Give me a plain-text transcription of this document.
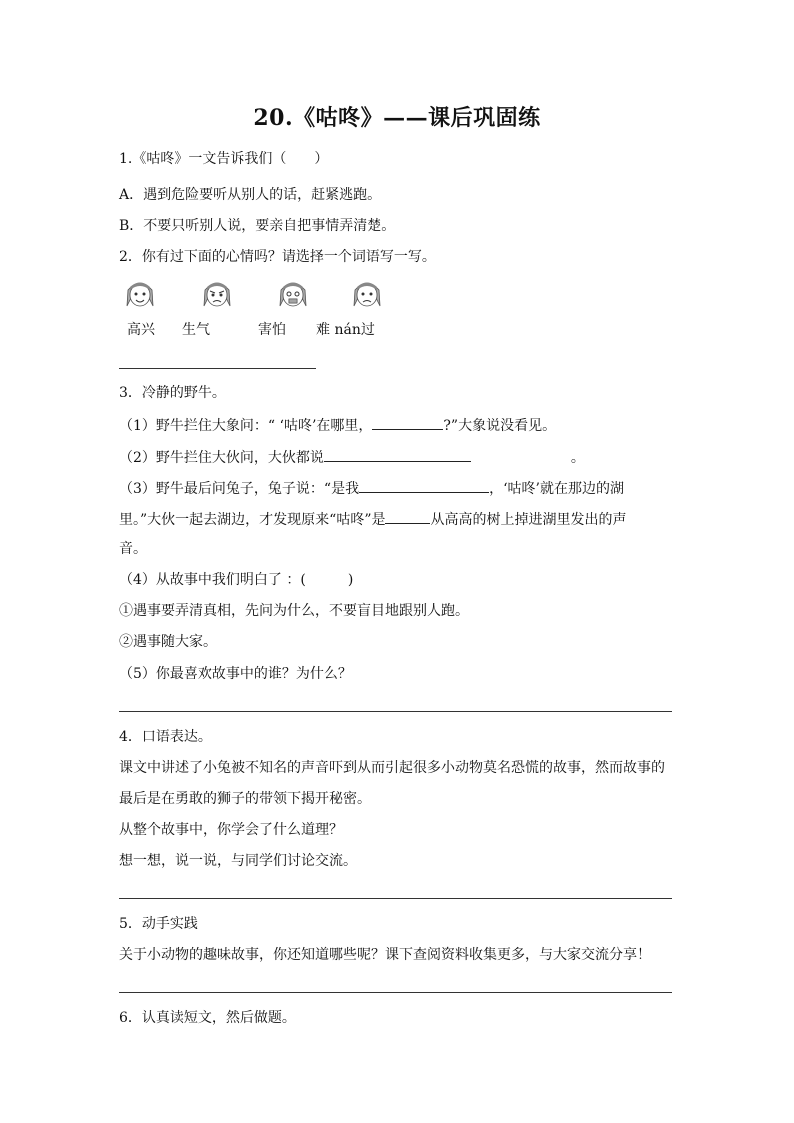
20.《咕咚》——课后巩固练
1.《咕咚》一文告诉我们（　　）
A．遇到危险要听从别人的话，赶紧逃跑。
B．不要只听别人说，要亲自把事情弄清楚。
2．你有过下面的心情吗？请选择一个词语写一写。
高兴 生气	害怕 难 nán过
3．冷静的野牛。
（1）野牛拦住大象问：“ ‘咕咚’在哪里，	?”大象说没看见。
（2）野牛拦住大伙问，大伙都说	。
（3）野牛最后问兔子，兔子说：“是我	，‘咕咚’就在那边的湖
里。”大伙一起去湖边，才发现原来“咕咚”是	从高高的树上掉进湖里发出的声
音。
（4）从故事中我们明白了 ：(　　　)
①遇事要弄清真相，先问为什么，不要盲目地跟别人跑。
②遇事随大家。
（5）你最喜欢故事中的谁？为什么？
4．口语表达。
课文中讲述了小兔被不知名的声音吓到从而引起很多小动物莫名恐慌的故事，然而故事的
最后是在勇敢的狮子的带领下揭开秘密。
从整个故事中，你学会了什么道理？
想一想，说一说，与同学们讨论交流。
5．动手实践
关于小动物的趣味故事，你还知道哪些呢？课下查阅资料收集更多，与大家交流分享！
6．认真读短文，然后做题。
